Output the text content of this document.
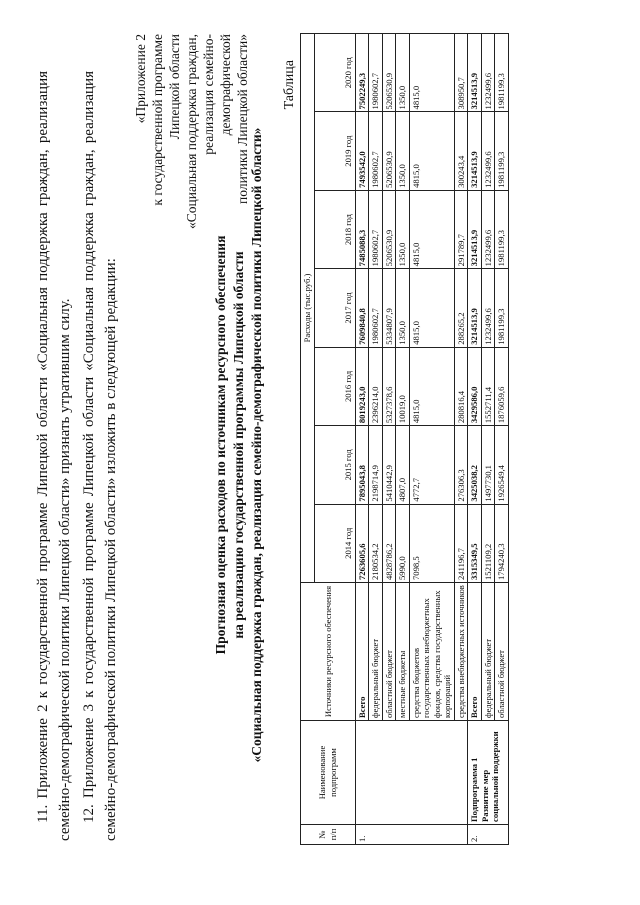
11. Приложение 2 к государственной программе Липецкой области «Социальная поддержка граждан, реализация семейно-демографической политики Липецкой области» признать утратившим силу. 12. Приложение 3 к государственной программе Липецкой области «Социальная поддержка граждан, реализация семейно-демографической политики Липецкой области» изложить в следующей редакции:
«Приложение 2 к государственной программе Липецкой области «Социальная поддержка граждан, реализация семейно-демографической политики Липецкой области»
Прогнозная оценка расходов по источникам ресурсного обеспечения на реализацию государственной программы Липецкой области «Социальная поддержка граждан, реализация семейно-демографической политики Липецкой области»
Таблица
№ п/п	Наименование подпрограмм	Источники ресурсного обеспечения	Расходы (тыс.руб.)						
			2014 год	2015 год	2016 год	2017 год	2018 год	2019 год	2020 год
1.		Всего	7263605,6	7895043,8	8019243,0	7609840,8	7485088,3	7493542,0	7502249,3
		федеральный бюджет	2180534,2	2198714,9	2396214,0	1980602,7	1980602,7	1980602,7	1980602,7
		областной бюджет	4828786,2	5410442,9	5327378,6	5334807,9	5206530,9	5206530,9	5206530,9
		местные бюджеты	5990,0	4807,0	10019,0	1350,0	1350,0	1350,0	1350,0
		средства бюджетов государственных внебюджетных фондов, средства государственных корпораций	7098,5	4772,7	4815,0	4815,0	4815,0	4815,0	4815,0
		средства внебюджетных источников	241196,7	276306,3	280816,4	288265,2	291789,7	300243,4	308950,7
2.	Подпрограмма 1 Развитие мер социальной поддержки	Всего	3315349,5	3425038,2	3429586,0	3214513,9	3214513,9	3214513,9	3214513,9
		федеральный бюджет	1521109,2	1497730,1	1552711,4	1232499,6	1232499,6	1232499,6	1232499,6
		областной бюджет	1794240,3	1926549,4	1876059,6	1981199,3	1981199,3	1981199,3	1981199,3
